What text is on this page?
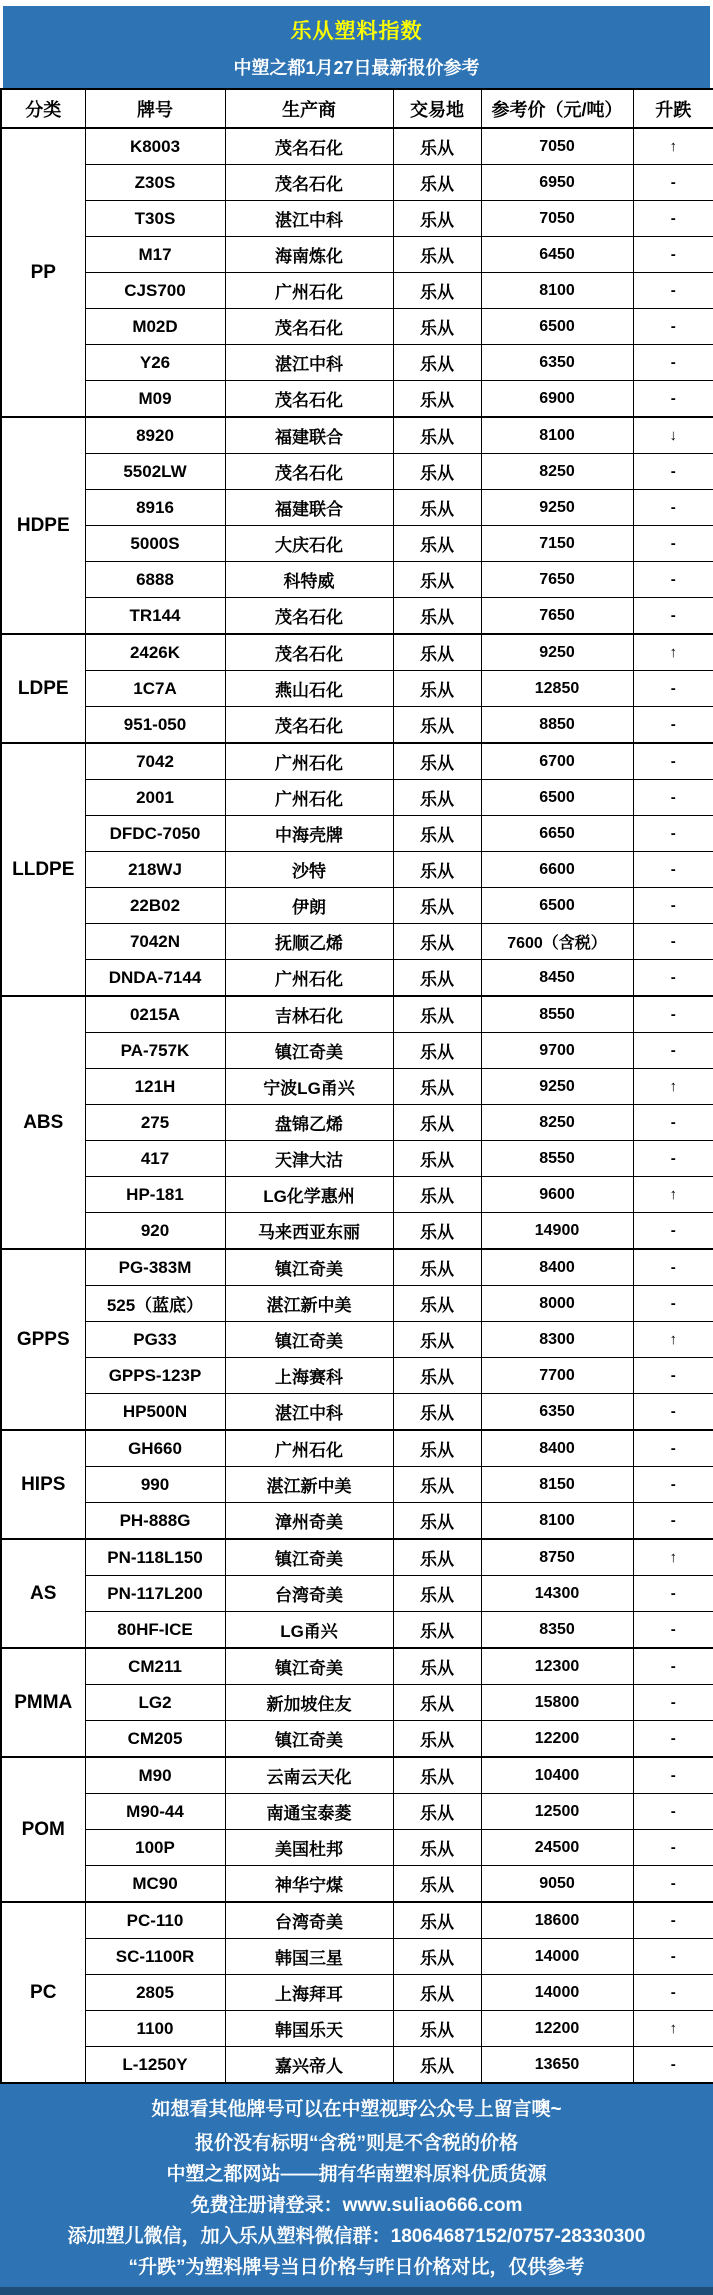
乐从塑料指数
中塑之都1月27日最新报价参考
分类	牌号	生产商	交易地	参考价（元/吨）	升跌
PP	K8003	茂名石化	乐从	7050	↑
	Z30S	茂名石化	乐从	6950	-
	T30S	湛江中科	乐从	7050	-
	M17	海南炼化	乐从	6450	-
	CJS700	广州石化	乐从	8100	-
	M02D	茂名石化	乐从	6500	-
	Y26	湛江中科	乐从	6350	-
	M09	茂名石化	乐从	6900	-
HDPE	8920	福建联合	乐从	8100	↓
	5502LW	茂名石化	乐从	8250	-
	8916	福建联合	乐从	9250	-
	5000S	大庆石化	乐从	7150	-
	6888	科特威	乐从	7650	-
	TR144	茂名石化	乐从	7650	-
LDPE	2426K	茂名石化	乐从	9250	↑
	1C7A	燕山石化	乐从	12850	-
	951-050	茂名石化	乐从	8850	-
LLDPE	7042	广州石化	乐从	6700	-
	2001	广州石化	乐从	6500	-
	DFDC-7050	中海壳牌	乐从	6650	-
	218WJ	沙特	乐从	6600	-
	22B02	伊朗	乐从	6500	-
	7042N	抚顺乙烯	乐从	7600（含税）	-
	DNDA-7144	广州石化	乐从	8450	-
ABS	0215A	吉林石化	乐从	8550	-
	PA-757K	镇江奇美	乐从	9700	-
	121H	宁波LG甬兴	乐从	9250	↑
	275	盘锦乙烯	乐从	8250	-
	417	天津大沽	乐从	8550	-
	HP-181	LG化学惠州	乐从	9600	↑
	920	马来西亚东丽	乐从	14900	-
GPPS	PG-383M	镇江奇美	乐从	8400	-
	525（蓝底）	湛江新中美	乐从	8000	-
	PG33	镇江奇美	乐从	8300	↑
	GPPS-123P	上海赛科	乐从	7700	-
	HP500N	湛江中科	乐从	6350	-
HIPS	GH660	广州石化	乐从	8400	-
	990	湛江新中美	乐从	8150	-
	PH-888G	漳州奇美	乐从	8100	-
AS	PN-118L150	镇江奇美	乐从	8750	↑
	PN-117L200	台湾奇美	乐从	14300	-
	80HF-ICE	LG甬兴	乐从	8350	-
PMMA	CM211	镇江奇美	乐从	12300	-
	LG2	新加坡住友	乐从	15800	-
	CM205	镇江奇美	乐从	12200	-
POM	M90	云南云天化	乐从	10400	-
	M90-44	南通宝泰菱	乐从	12500	-
	100P	美国杜邦	乐从	24500	-
	MC90	神华宁煤	乐从	9050	-
PC	PC-110	台湾奇美	乐从	18600	-
	SC-1100R	韩国三星	乐从	14000	-
	2805	上海拜耳	乐从	14000	-
	1100	韩国乐天	乐从	12200	↑
	L-1250Y	嘉兴帝人	乐从	13650	-
如想看其他牌号可以在中塑视野公众号上留言噢~
报价没有标明“含税”则是不含税的价格
中塑之都网站——拥有华南塑料原料优质货源
免费注册请登录：www.suliao666.com
添加塑儿微信，加入乐从塑料微信群：18064687152/0757-28330300
“升跌”为塑料牌号当日价格与昨日价格对比，仅供参考
